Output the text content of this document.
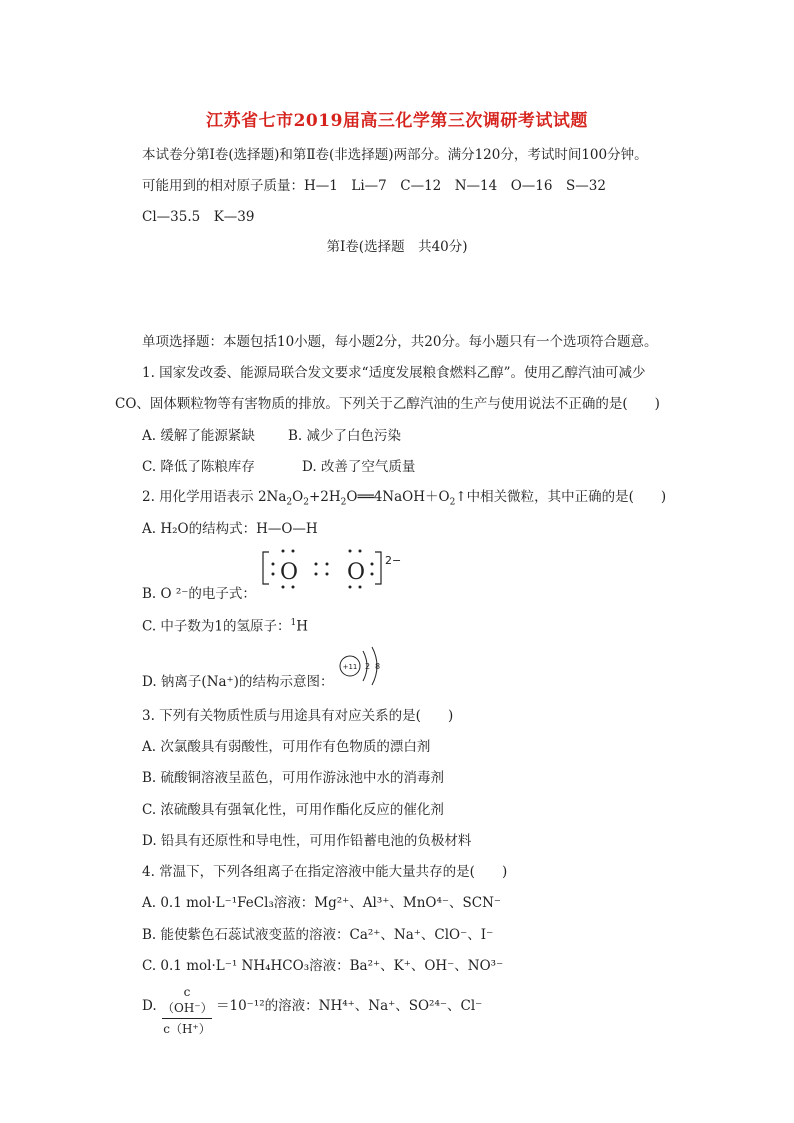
江苏省七市2019届高三化学第三次调研考试试题
本试卷分第Ⅰ卷(选择题)和第Ⅱ卷(非选择题)两部分。满分120分，考试时间100分钟。
可能用到的相对原子质量：H—1　Li—7　C—12　N—14　O—16　S—32
Cl—35.5　K—39
第Ⅰ卷(选择题　共40分)
单项选择题：本题包括10小题，每小题2分，共20分。每小题只有一个选项符合题意。
1. 国家发改委、能源局联合发文要求“适度发展粮食燃料乙醇”。使用乙醇汽油可减少
CO、固体颗粒物等有害物质的排放。下列关于乙醇汽油的生产与使用说法不正确的是(　　)
A. 缓解了能源紧缺 B. 减少了白色污染
C. 降低了陈粮库存	D. 改善了空气质量
2. 用化学用语表示 $2Na_2O_2+2H_2O══4NaOH+O_2↑$中相关微粒，其中正确的是(　　)
A. H₂O的结构式：H—O—H
O O 2−
B. O ²⁻的电子式：
C. 中子数为1的氢原子：$^1$H
+11 2 8
D. 钠离子(Na⁺)的结构示意图：
3. 下列有关物质性质与用途具有对应关系的是(　　)
A. 次氯酸具有弱酸性，可用作有色物质的漂白剂
B. 硫酸铜溶液呈蓝色，可用作游泳池中水的消毒剂
C. 浓硫酸具有强氧化性，可用作酯化反应的催化剂
D. 铅具有还原性和导电性，可用作铅蓄电池的负极材料
4. 常温下，下列各组离子在指定溶液中能大量共存的是(　　)
A. 0.1 mol·L⁻¹FeCl₃溶液：Mg²⁺、Al³⁺、MnO⁴⁻、SCN⁻
B. 能使紫色石蕊试液变蓝的溶液：Ca²⁺、Na⁺、ClO⁻、I⁻
C. 0.1 mol·L⁻¹ NH₄HCO₃溶液：Ba²⁺、K⁺、OH⁻、NO³⁻
D.
c（OH⁻）
c（H⁺）
＝10⁻¹²的溶液：NH⁴⁺、Na⁺、SO²⁴⁻、Cl⁻
